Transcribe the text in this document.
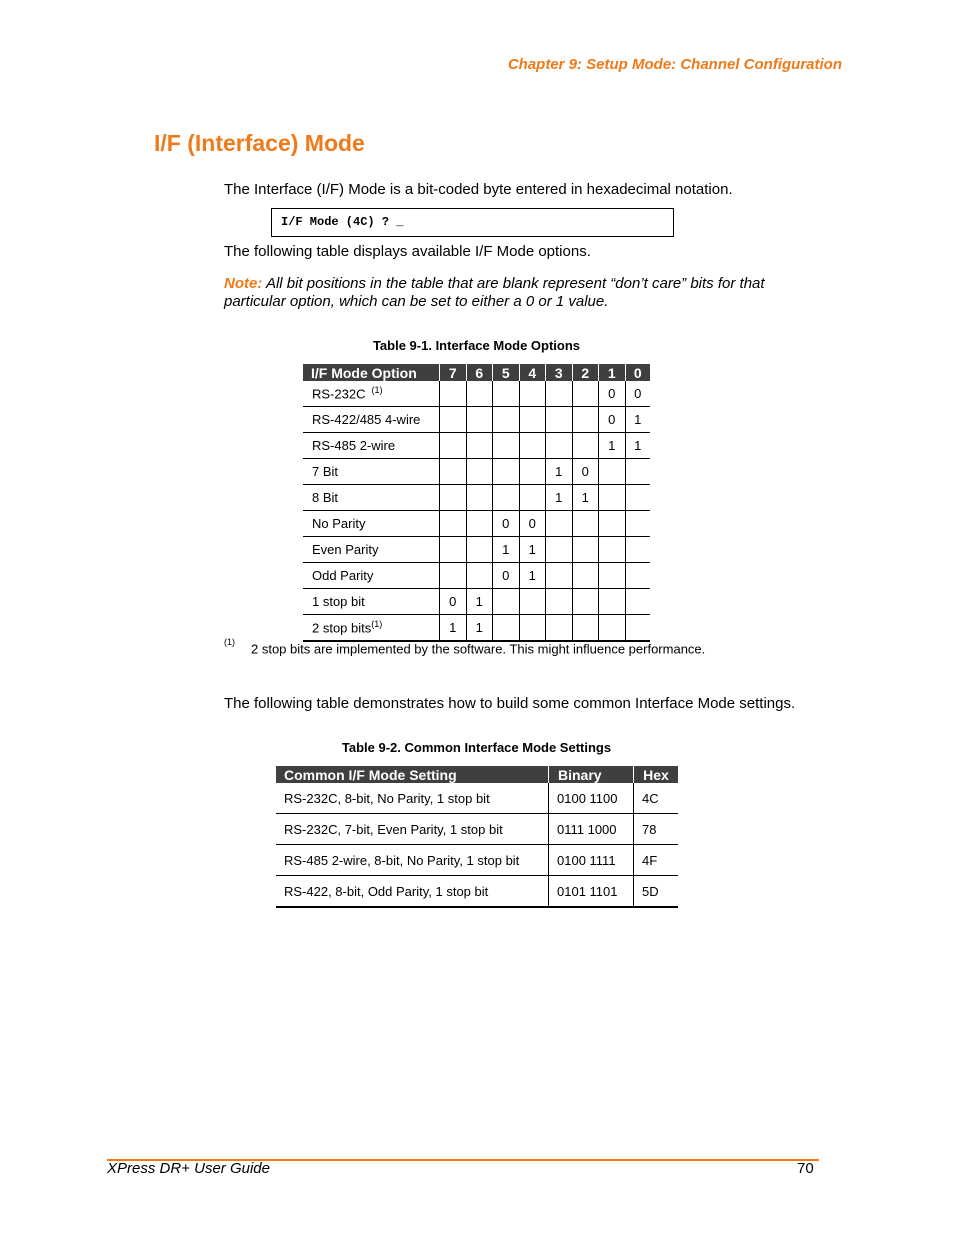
Chapter 9: Setup Mode: Channel Configuration
I/F (Interface) Mode
The Interface (I/F) Mode is a bit-coded byte entered in hexadecimal notation.
I/F Mode (4C) ? _
The following table displays available I/F Mode options.
Note: All bit positions in the table that are blank represent “don’t care” bits for that particular option, which can be set to either a 0 or 1 value.
Table 9-1. Interface Mode Options
I/F Mode Option	7	6	5	4	3	2	1	0
RS-232C $^{(1)}$							0	0
RS-422/485 4-wire							0	1
RS-485 2-wire							1	1
7 Bit					1	0		
8 Bit					1	1		
No Parity			0	0				
Even Parity			1	1				
Odd Parity			0	1				
1 stop bit	0	1						
2 stop bits$^{(1)}$	1	1						
$^{(1)}$ 2 stop bits are implemented by the software. This might influence performance.
The following table demonstrates how to build some common Interface Mode settings.
Table 9-2. Common Interface Mode Settings
Common I/F Mode Setting	Binary	Hex
RS-232C, 8-bit, No Parity, 1 stop bit	0100 1100	4C
RS-232C, 7-bit, Even Parity, 1 stop bit	0111 1000	78
RS-485 2-wire, 8-bit, No Parity, 1 stop bit	0100 1111	4F
RS-422, 8-bit, Odd Parity, 1 stop bit	0101 1101	5D
XPress DR+ User Guide	70
